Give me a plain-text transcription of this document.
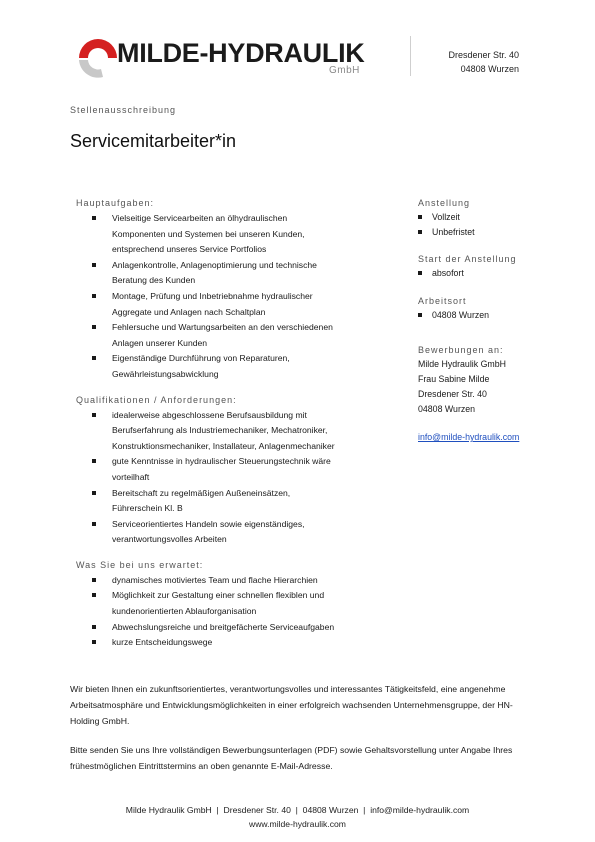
MILDE-HYDRAULIK
GmbH
Dresdener Str. 40
04808 Wurzen
Stellenausschreibung
Servicemitarbeiter*in
Hauptaufgaben:
Vielseitige Servicearbeiten an ölhydraulischen
Komponenten und Systemen bei unseren Kunden,
entsprechend unseres Service Portfolios
Anlagenkontrolle, Anlagenoptimierung und technische
Beratung des Kunden
Montage, Prüfung und Inbetriebnahme hydraulischer
Aggregate und Anlagen nach Schaltplan
Fehlersuche und Wartungsarbeiten an den verschiedenen
Anlagen unserer Kunden
Eigenständige Durchführung von Reparaturen,
Gewährleistungsabwicklung
Qualifikationen / Anforderungen:
idealerweise abgeschlossene Berufsausbildung mit
Berufserfahrung als Industriemechaniker, Mechatroniker,
Konstruktionsmechaniker, Installateur, Anlagenmechaniker
gute Kenntnisse in hydraulischer Steuerungstechnik wäre
vorteilhaft
Bereitschaft zu regelmäßigen Außeneinsätzen,
Führerschein Kl. B
Serviceorientiertes Handeln sowie eigenständiges,
verantwortungsvolles Arbeiten
Was Sie bei uns erwartet:
dynamisches motiviertes Team und flache Hierarchien
Möglichkeit zur Gestaltung einer schnellen flexiblen und
kundenorientierten Ablauforganisation
Abwechslungsreiche und breitgefächerte Serviceaufgaben
kurze Entscheidungswege
Anstellung
Vollzeit
Unbefristet
Start der Anstellung
absofort
Arbeitsort
04808 Wurzen
Bewerbungen an:
Milde Hydraulik GmbH
Frau Sabine Milde
Dresdener Str. 40
04808 Wurzen
info@milde-hydraulik.com

Wir bieten Ihnen ein zukunftsorientiertes, verantwortungsvolles und interessantes Tätigkeitsfeld, eine angenehme Arbeitsatmosphäre und Entwicklungsmöglichkeiten in einer erfolgreich wachsenden Unternehmensgruppe, der HN-Holding GmbH.

Bitte senden Sie uns Ihre vollständigen Bewerbungsunterlagen (PDF) sowie Gehaltsvorstellung unter Angabe Ihres frühestmöglichen Eintrittstermins an oben genannte E-Mail-Adresse.

Milde Hydraulik GmbH  |  Dresdener Str. 40  |  04808 Wurzen  |  info@milde-hydraulik.com
www.milde-hydraulik.com
